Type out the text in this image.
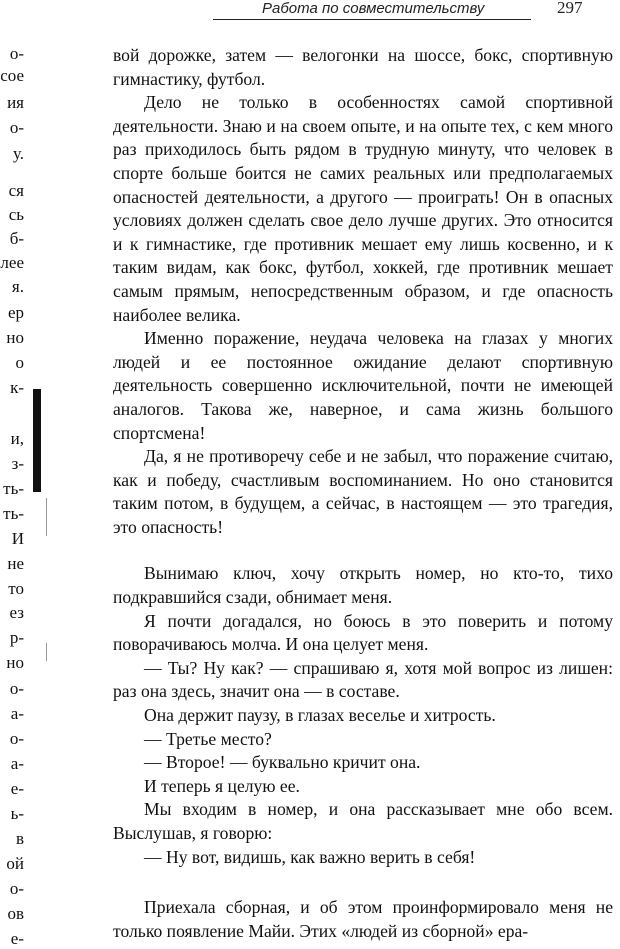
Работа по совместительству	297
о-
сое
ия
о-
у.
ся
сь
б-
лее
я.
ер
но
о
к-
и,
з-
ть-
ть-
И
не
то
ез
р-
но
о-
а-
о-
а-
е-
ь-
в
ой
о-
ов
е-

вой дорожке, затем — велогонки на шоссе, бокс, спортивную гимнастику, футбол.

Дело не только в особенностях самой спортивной деятельности. Знаю и на своем опыте, и на опыте тех, с кем много раз приходилось быть рядом в трудную минуту, что человек в спорте больше боится не самих реальных или предполагаемых опасностей деятельности, а другого — проиграть! Он в опасных условиях должен сделать свое дело лучше других. Это относится и к гимнастике, где противник мешает ему лишь косвенно, и к таким видам, как бокс, футбол, хоккей, где противник мешает самым прямым, непосредственным образом, и где опасность наиболее велика.

Именно поражение, неудача человека на глазах у многих людей и ее постоянное ожидание делают спортивную деятельность совершенно исключительной, почти не имеющей аналогов. Такова же, наверное, и сама жизнь большого спортсмена!

Да, я не противоречу себе и не забыл, что поражение считаю, как и победу, счастливым воспоминанием. Но оно становится таким потом, в будущем, а сейчас, в настоящем — это трагедия, это опасность!

Вынимаю ключ, хочу открыть номер, но кто-то, тихо подкравшийся сзади, обнимает меня.

Я почти догадался, но боюсь в это поверить и потому поворачиваюсь молча. И она целует меня.

— Ты? Ну как? — спрашиваю я, хотя мой вопрос из лишен: раз она здесь, значит она — в составе.

Она держит паузу, в глазах веселье и хитрость.

— Третье место?

— Второе! — буквально кричит она.

И теперь я целую ее.

Мы входим в номер, и она рассказывает мне обо всем. Выслушав, я говорю:

— Ну вот, видишь, как важно верить в себя!

Приехала сборная, и об этом проинформировало меня не только появление Майи. Этих «людей из сборной» ера-
